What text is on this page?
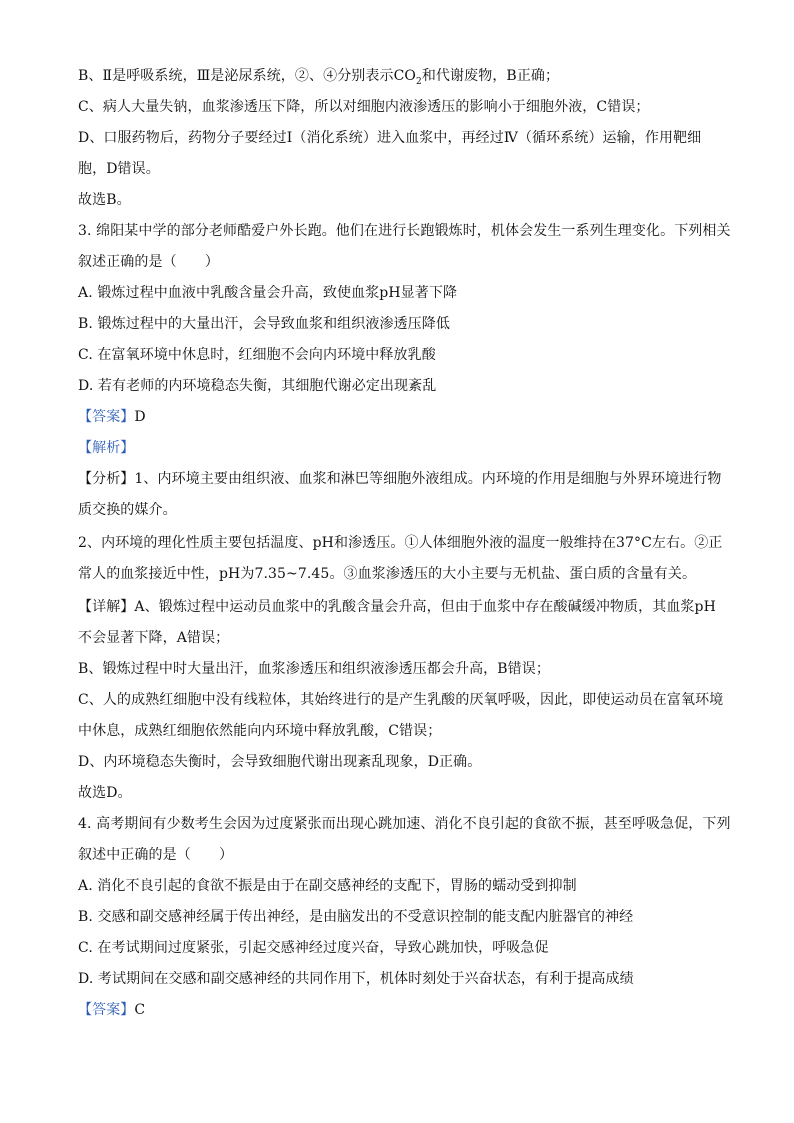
B、Ⅱ是呼吸系统，Ⅲ是泌尿系统，②、④分别表示$CO_2$和代谢废物，B正确；
C、病人大量失钠，血浆渗透压下降，所以对细胞内液渗透压的影响小于细胞外液，C错误；
D、口服药物后，药物分子要经过Ⅰ（消化系统）进入血浆中，再经过Ⅳ（循环系统）运输，作用靶细
胞，D错误。
故选B。
3. 绵阳某中学的部分老师酷爱户外长跑。他们在进行长跑锻炼时，机体会发生一系列生理变化。下列相关
叙述正确的是（　　）
A. 锻炼过程中血液中乳酸含量会升高，致使血浆pH显著下降
B. 锻炼过程中的大量出汗，会导致血浆和组织液渗透压降低
C. 在富氧环境中休息时，红细胞不会向内环境中释放乳酸
D. 若有老师的内环境稳态失衡，其细胞代谢必定出现紊乱
【答案】D
【解析】
【分析】1、内环境主要由组织液、血浆和淋巴等细胞外液组成。内环境的作用是细胞与外界环境进行物
质交换的媒介。
2、内环境的理化性质主要包括温度、pH和渗透压。①人体细胞外液的温度一般维持在37°C左右。②正
常人的血浆接近中性，pH为7.35~7.45。③血浆渗透压的大小主要与无机盐、蛋白质的含量有关。
【详解】A、锻炼过程中运动员血浆中的乳酸含量会升高，但由于血浆中存在酸碱缓冲物质，其血浆pH
不会显著下降，A错误；
B、锻炼过程中时大量出汗，血浆渗透压和组织液渗透压都会升高，B错误；
C、人的成熟红细胞中没有线粒体，其始终进行的是产生乳酸的厌氧呼吸，因此，即使运动员在富氧环境
中休息，成熟红细胞依然能向内环境中释放乳酸，C错误；
D、内环境稳态失衡时，会导致细胞代谢出现紊乱现象，D正确。
故选D。
4. 高考期间有少数考生会因为过度紧张而出现心跳加速、消化不良引起的食欲不振，甚至呼吸急促，下列
叙述中正确的是（　　）
A. 消化不良引起的食欲不振是由于在副交感神经的支配下，胃肠的蠕动受到抑制
B. 交感和副交感神经属于传出神经，是由脑发出的不受意识控制的能支配内脏器官的神经
C. 在考试期间过度紧张，引起交感神经过度兴奋，导致心跳加快，呼吸急促
D. 考试期间在交感和副交感神经的共同作用下，机体时刻处于兴奋状态，有利于提高成绩
【答案】C
